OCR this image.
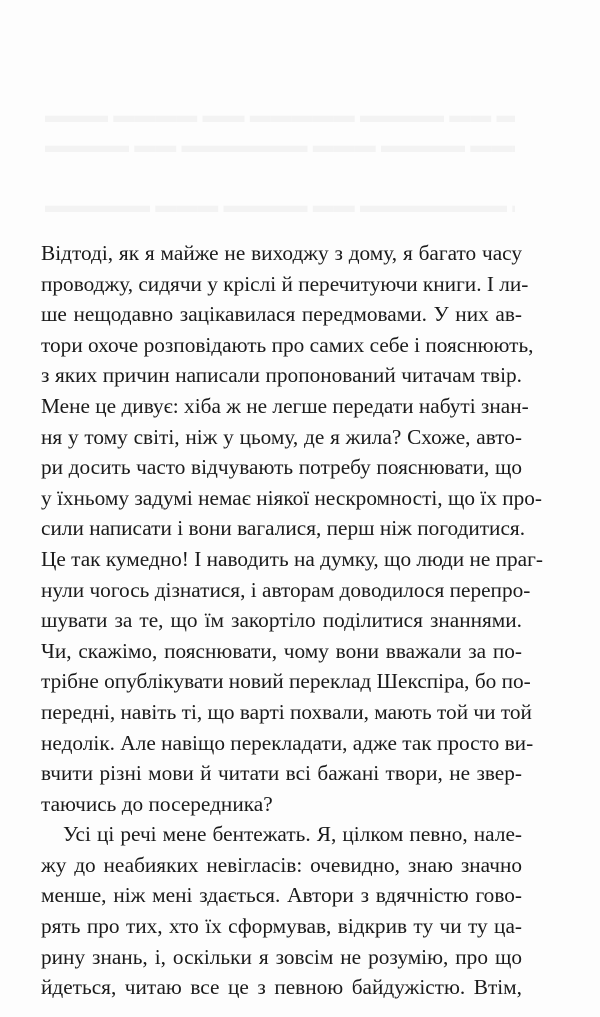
Відтоді, як я майже не виходжу з дому, я багато часу
проводжу, сидячи у кріслі й перечитуючи книги. І ли-
ше нещодавно зацікавилася передмовами. У них ав-
тори охоче розповідають про самих себе і пояснюють,
з яких причин написали пропонований читачам твір.
Мене це дивує: хіба ж не легше передати набуті знан-
ня у тому світі, ніж у цьому, де я жила? Схоже, авто-
ри досить часто відчувають потребу пояснювати, що
у їхньому задумі немає ніякої нескромності, що їх про-
сили написати і вони вагалися, перш ніж погодитися.
Це так кумедно! І наводить на думку, що люди не праг-
нули чогось дізнатися, і авторам доводилося перепро-
шувати за те, що їм закортіло поділитися знаннями.
Чи, скажімо, пояснювати, чому вони вважали за по-
трібне опублікувати новий переклад Шекспіра, бо по-
передні, навіть ті, що варті похвали, мають той чи той
недолік. Але навіщо перекладати, адже так просто ви-
вчити різні мови й читати всі бажані твори, не звер-
таючись до посередника?
Усі ці речі мене бентежать. Я, цілком певно, нале-
жу до неабияких невігласів: очевидно, знаю значно
менше, ніж мені здається. Автори з вдячністю гово-
рять про тих, хто їх сформував, відкрив ту чи ту ца-
рину знань, і, оскільки я зовсім не розумію, про що
йдеться, читаю все це з певною байдужістю. Втім,
